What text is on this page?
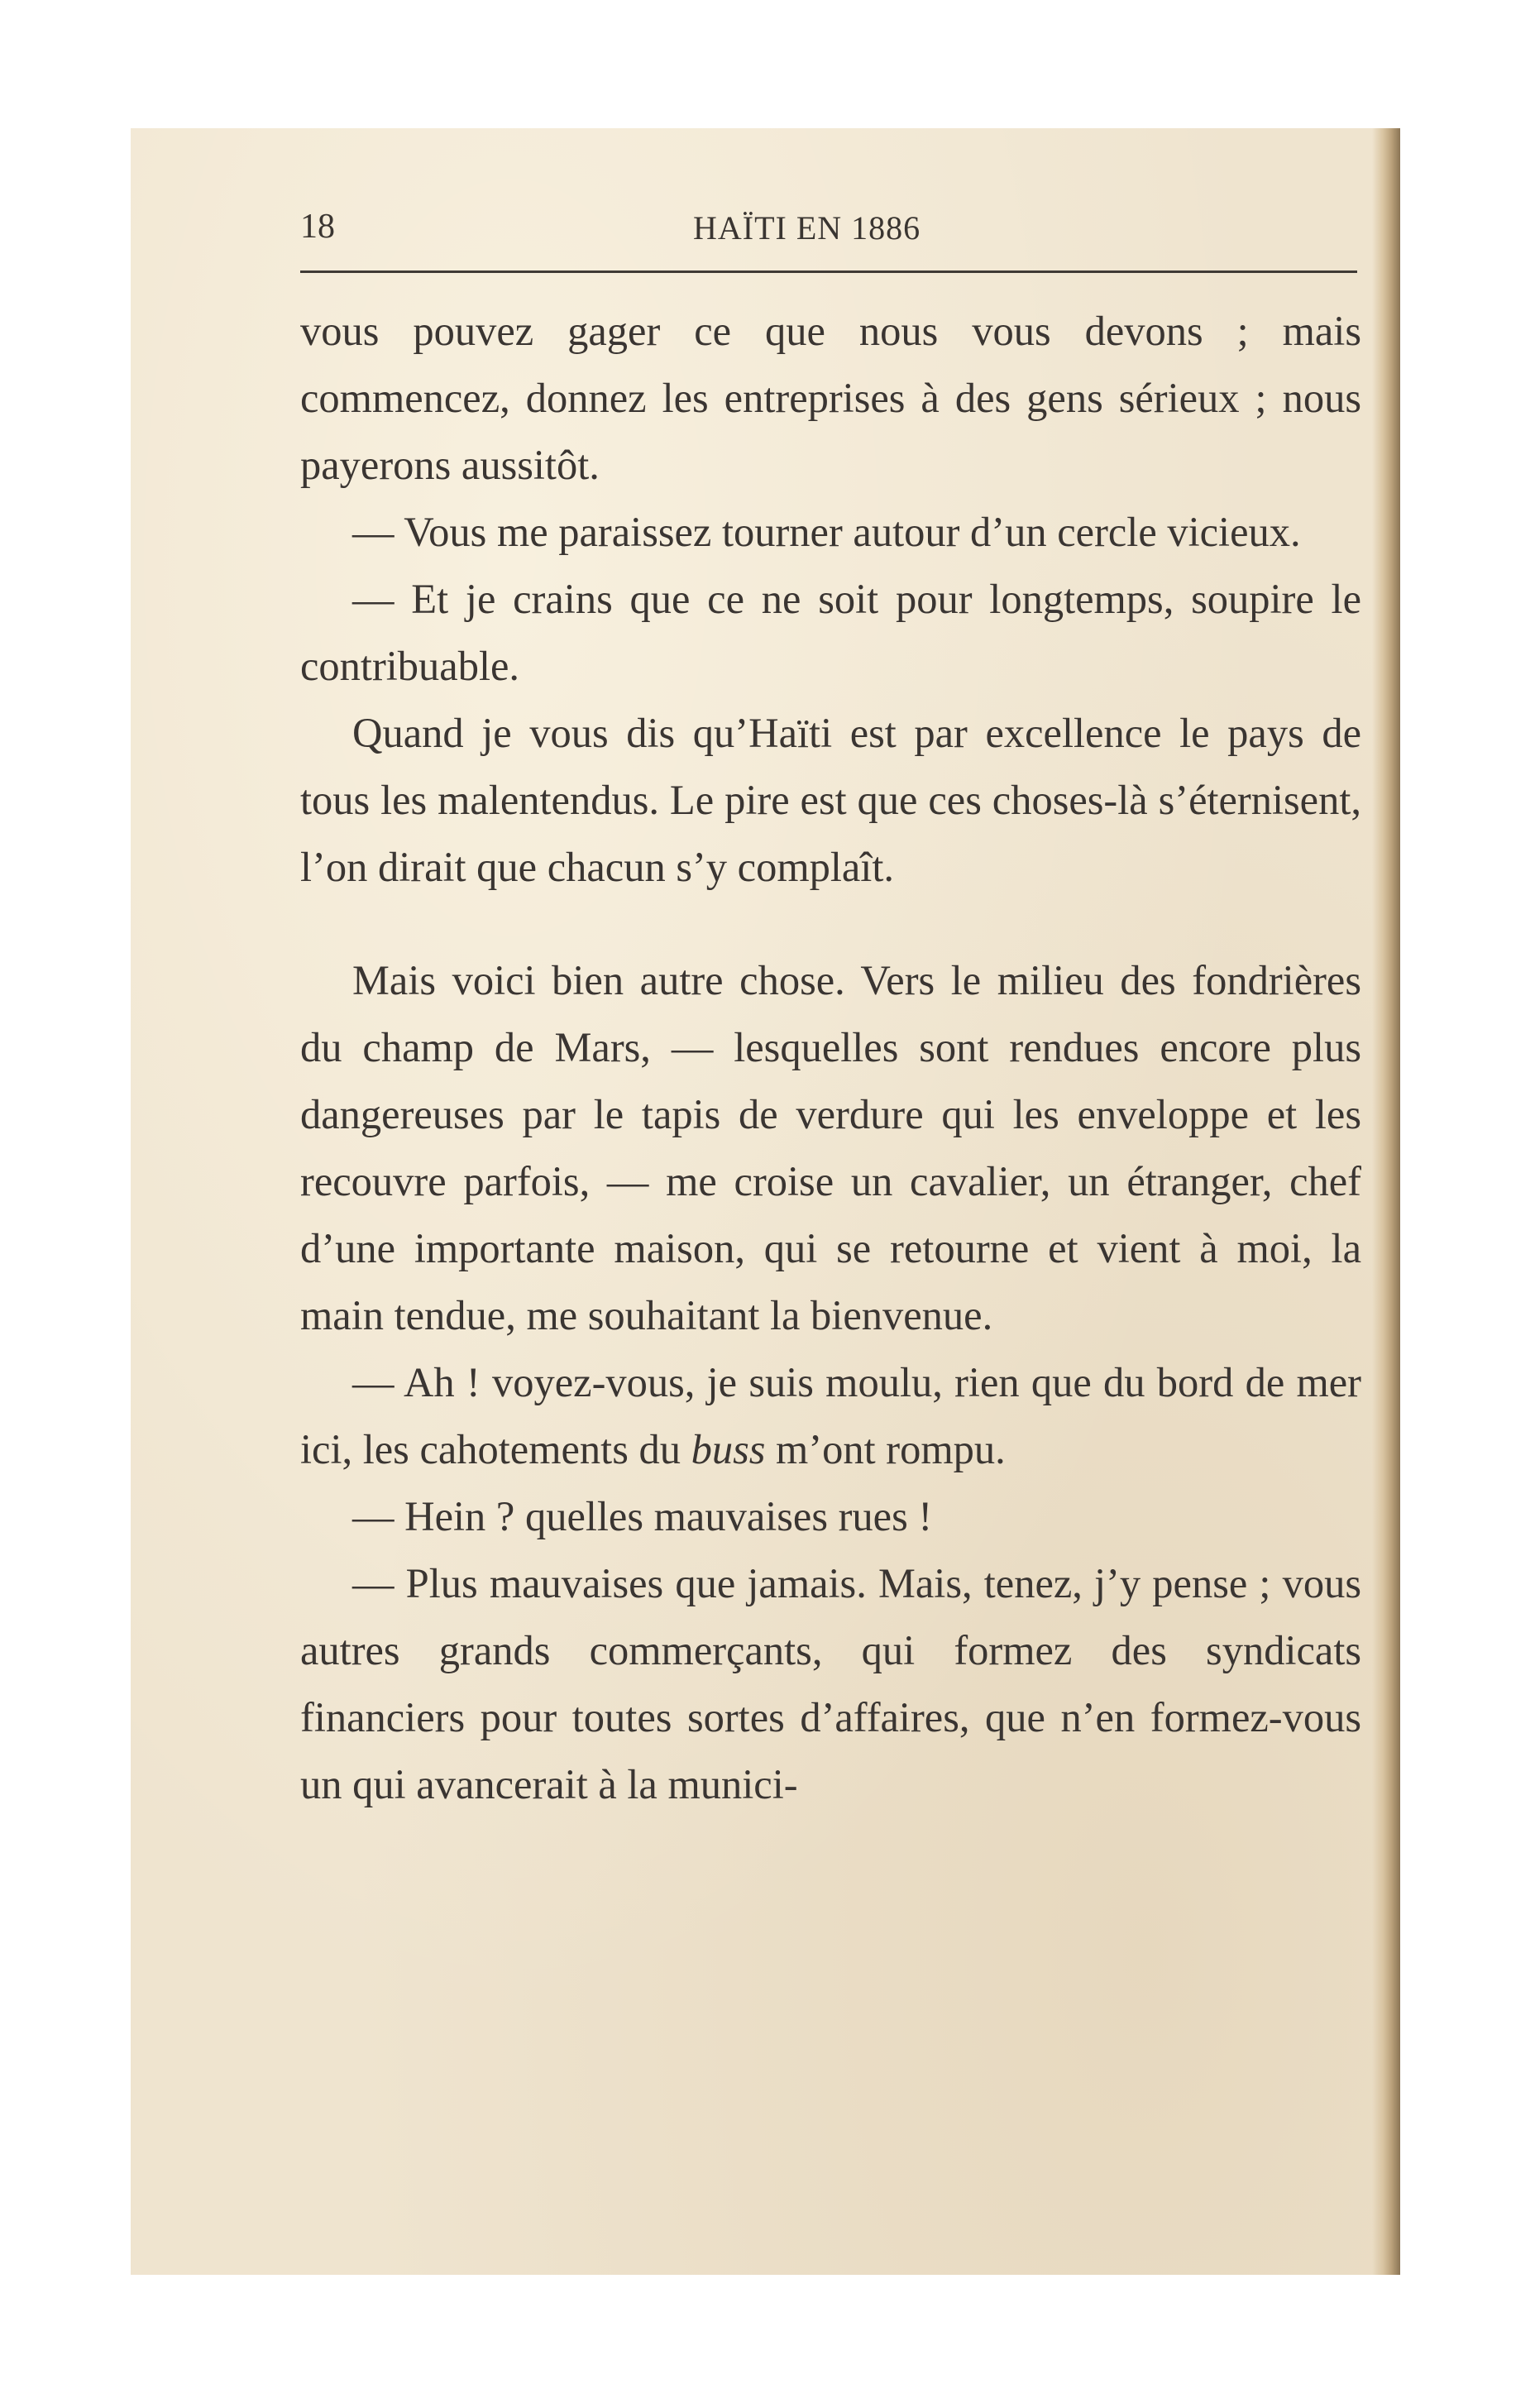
18	HAÏTI EN 1886

vous pouvez gager ce que nous vous devons ; mais commencez, donnez les entreprises à des gens sérieux ; nous payerons aussitôt.

— Vous me paraissez tourner autour d’un cercle vicieux.

— Et je crains que ce ne soit pour longtemps, soupire le contribuable.

Quand je vous dis qu’Haïti est par excellence le pays de tous les malentendus. Le pire est que ces choses-là s’éternisent, l’on dirait que chacun s’y complaît.

Mais voici bien autre chose. Vers le milieu des fondrières du champ de Mars, — lesquelles sont rendues encore plus dangereuses par le tapis de verdure qui les enveloppe et les recouvre parfois, — me croise un cavalier, un étranger, chef d’une importante maison, qui se retourne et vient à moi, la main tendue, me souhaitant la bienvenue.

— Ah ! voyez-vous, je suis moulu, rien que du bord de mer ici, les cahotements du buss m’ont rompu.

— Hein ? quelles mauvaises rues !

— Plus mauvaises que jamais. Mais, tenez, j’y pense ; vous autres grands commerçants, qui formez des syndicats financiers pour toutes sortes d’affaires, que n’en formez-vous un qui avancerait à la munici-
